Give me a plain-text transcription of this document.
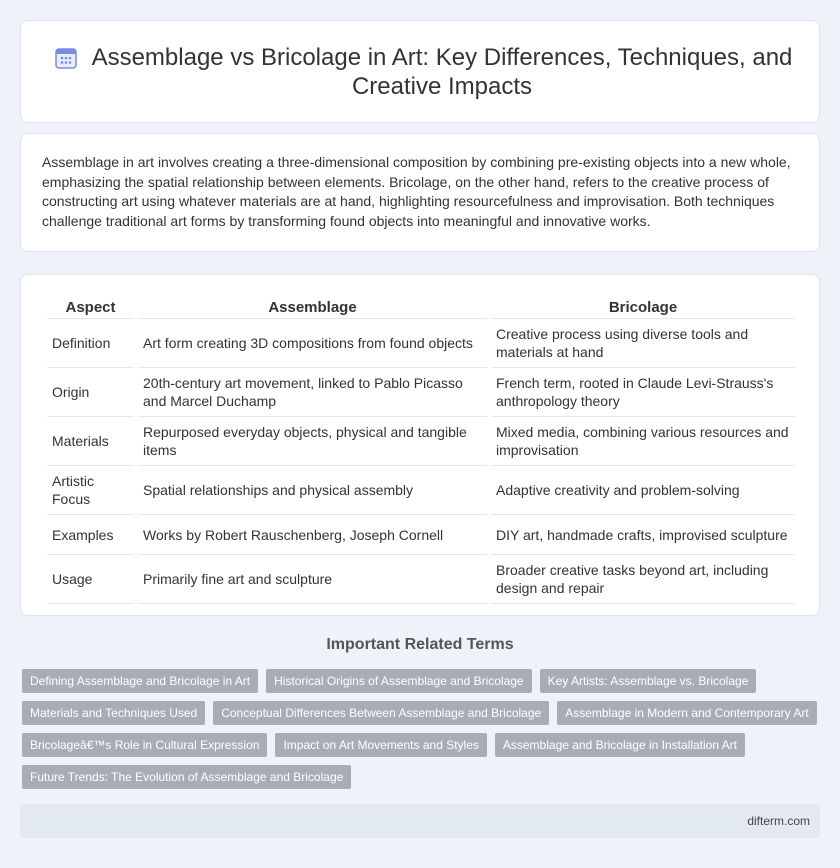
Assemblage vs Bricolage in Art: Key Differences, Techniques, and Creative Impacts

Assemblage in art involves creating a three-dimensional composition by combining pre-existing objects into a new whole, emphasizing the spatial relationship between elements. Bricolage, on the other hand, refers to the creative process of constructing art using whatever materials are at hand, highlighting resourcefulness and improvisation. Both techniques challenge traditional art forms by transforming found objects into meaningful and innovative works.

Aspect	Assemblage	Bricolage
Definition	Art form creating 3D compositions from found objects	Creative process using diverse tools and materials at hand
Origin	20th-century art movement, linked to Pablo Picasso and Marcel Duchamp	French term, rooted in Claude Levi-Strauss's anthropology theory
Materials	Repurposed everyday objects, physical and tangible items	Mixed media, combining various resources and improvisation
Artistic Focus	Spatial relationships and physical assembly	Adaptive creativity and problem-solving
Examples	Works by Robert Rauschenberg, Joseph Cornell	DIY art, handmade crafts, improvised sculpture
Usage	Primarily fine art and sculpture	Broader creative tasks beyond art, including design and repair
Important Related Terms
Defining Assemblage and Bricolage in Art	Historical Origins of Assemblage and Bricolage	Key Artists: Assemblage vs. Bricolage
Materials and Techniques Used	Conceptual Differences Between Assemblage and Bricolage	Assemblage in Modern and Contemporary Art
Bricolageâ€™s Role in Cultural Expression	Impact on Art Movements and Styles	Assemblage and Bricolage in Installation Art
Future Trends: The Evolution of Assemblage and Bricolage
difterm.com
